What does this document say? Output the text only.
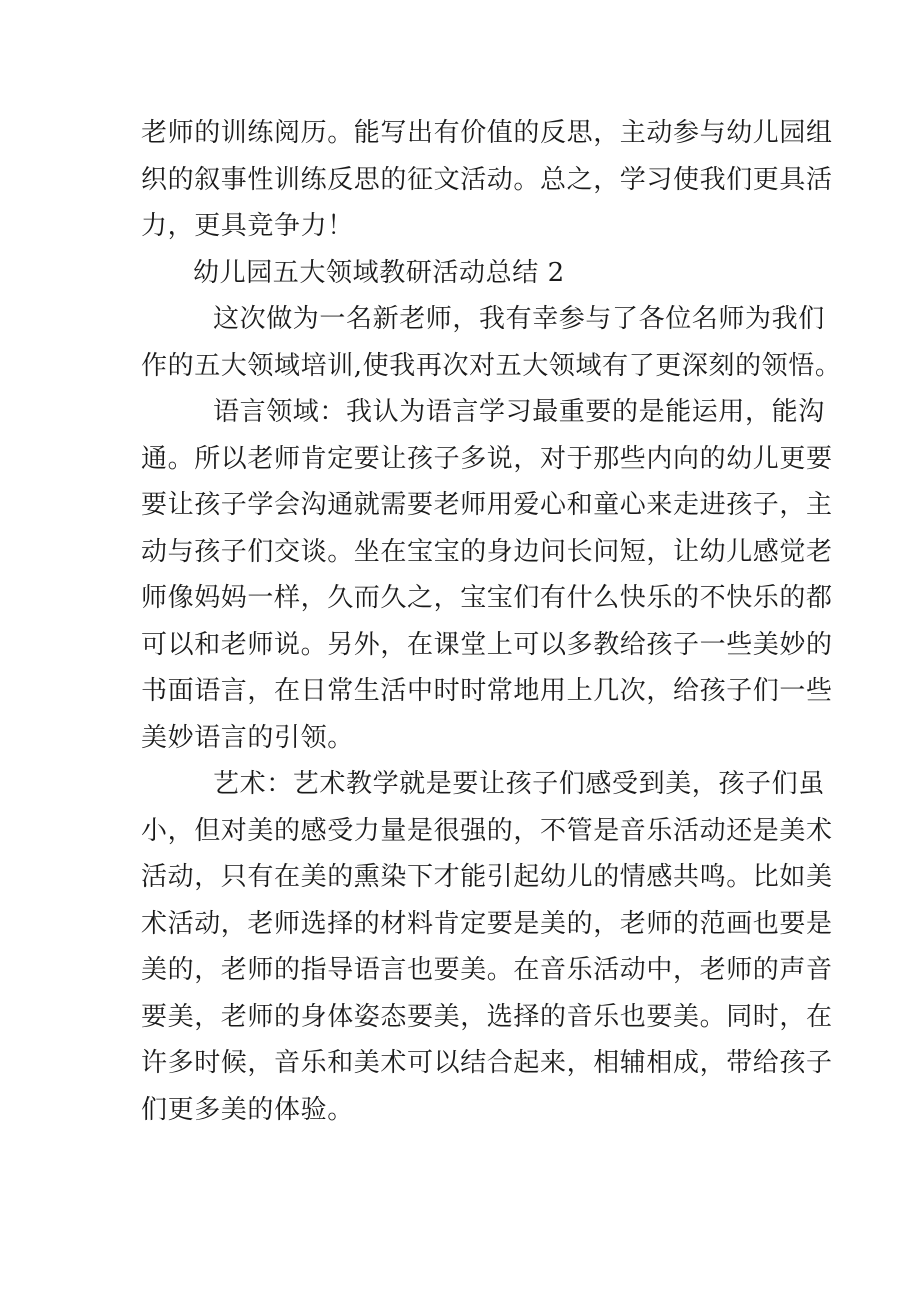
老师的训练阅历。能写出有价值的反思，主动参与幼儿园组
织的叙事性训练反思的征文活动。总之，学习使我们更具活
力，更具竞争力！
幼儿园五大领域教研活动总结 2
这次做为一名新老师，我有幸参与了各位名师为我们
作的五大领域培训,使我再次对五大领域有了更深刻的领悟。
语言领域：我认为语言学习最重要的是能运用，能沟
通。所以老师肯定要让孩子多说，对于那些内向的幼儿更要
要让孩子学会沟通就需要老师用爱心和童心来走进孩子，主
动与孩子们交谈。坐在宝宝的身边问长问短，让幼儿感觉老
师像妈妈一样，久而久之，宝宝们有什么快乐的不快乐的都
可以和老师说。另外，在课堂上可以多教给孩子一些美妙的
书面语言，在日常生活中时时常地用上几次，给孩子们一些
美妙语言的引领。
艺术：艺术教学就是要让孩子们感受到美，孩子们虽
小，但对美的感受力量是很强的，不管是音乐活动还是美术
活动，只有在美的熏染下才能引起幼儿的情感共鸣。比如美
术活动，老师选择的材料肯定要是美的，老师的范画也要是
美的，老师的指导语言也要美。在音乐活动中，老师的声音
要美，老师的身体姿态要美，选择的音乐也要美。同时，在
许多时候，音乐和美术可以结合起来，相辅相成，带给孩子
们更多美的体验。
